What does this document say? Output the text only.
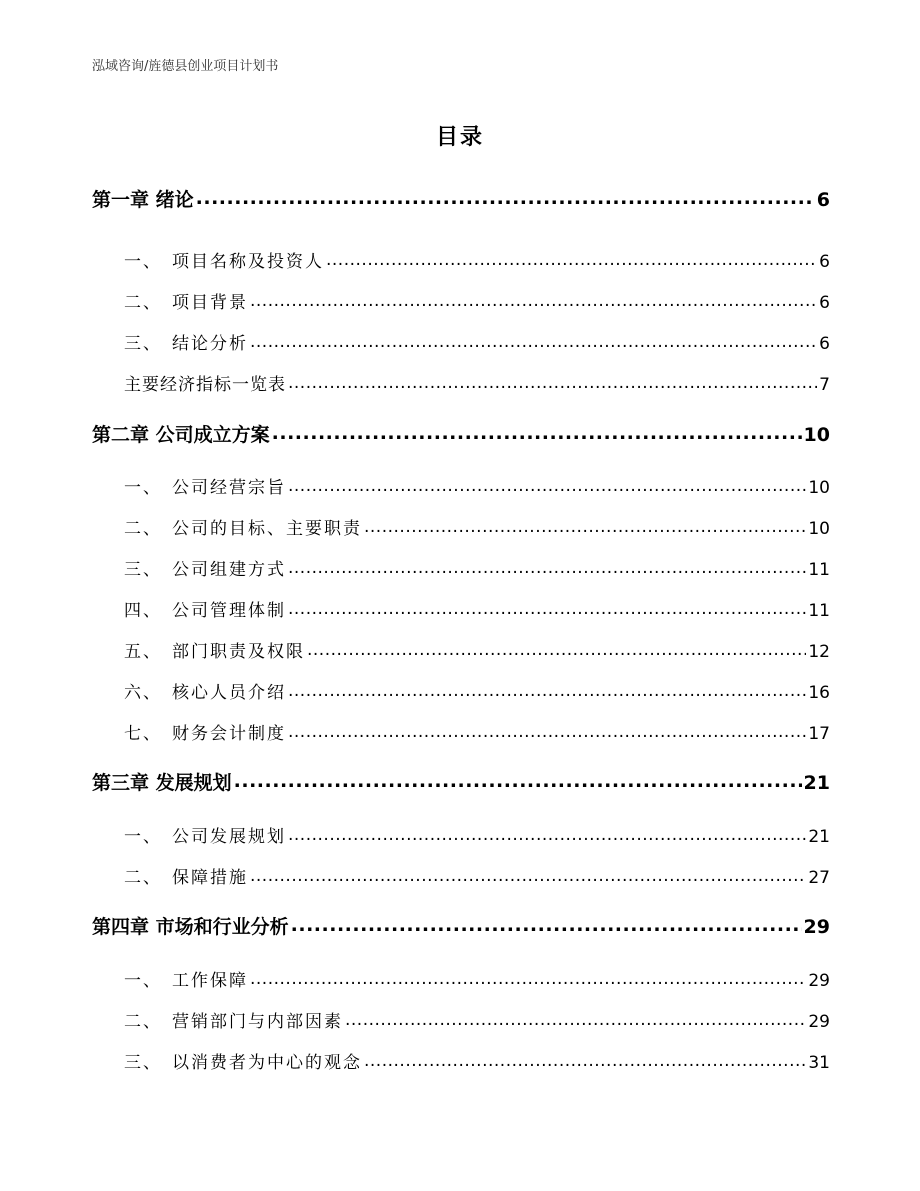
泓域咨询/旌德县创业项目计划书
目录
第一章 绪论 .....	6
一、 项目名称及投资人 .....	6
二、 项目背景 .....	6
三、 结论分析 .....	6
主要经济指标一览表 .....	7
第二章 公司成立方案 .....	10
一、 公司经营宗旨 .....	10
二、 公司的目标、主要职责 .....	10
三、 公司组建方式 .....	11
四、 公司管理体制 .....	11
五、 部门职责及权限 .....	12
六、 核心人员介绍 .....	16
七、 财务会计制度 .....	17
第三章 发展规划 .....	21
一、 公司发展规划 .....	21
二、 保障措施 .....	27
第四章 市场和行业分析 .....	29
一、 工作保障 .....	29
二、 营销部门与内部因素 .....	29
三、 以消费者为中心的观念 .....	31
